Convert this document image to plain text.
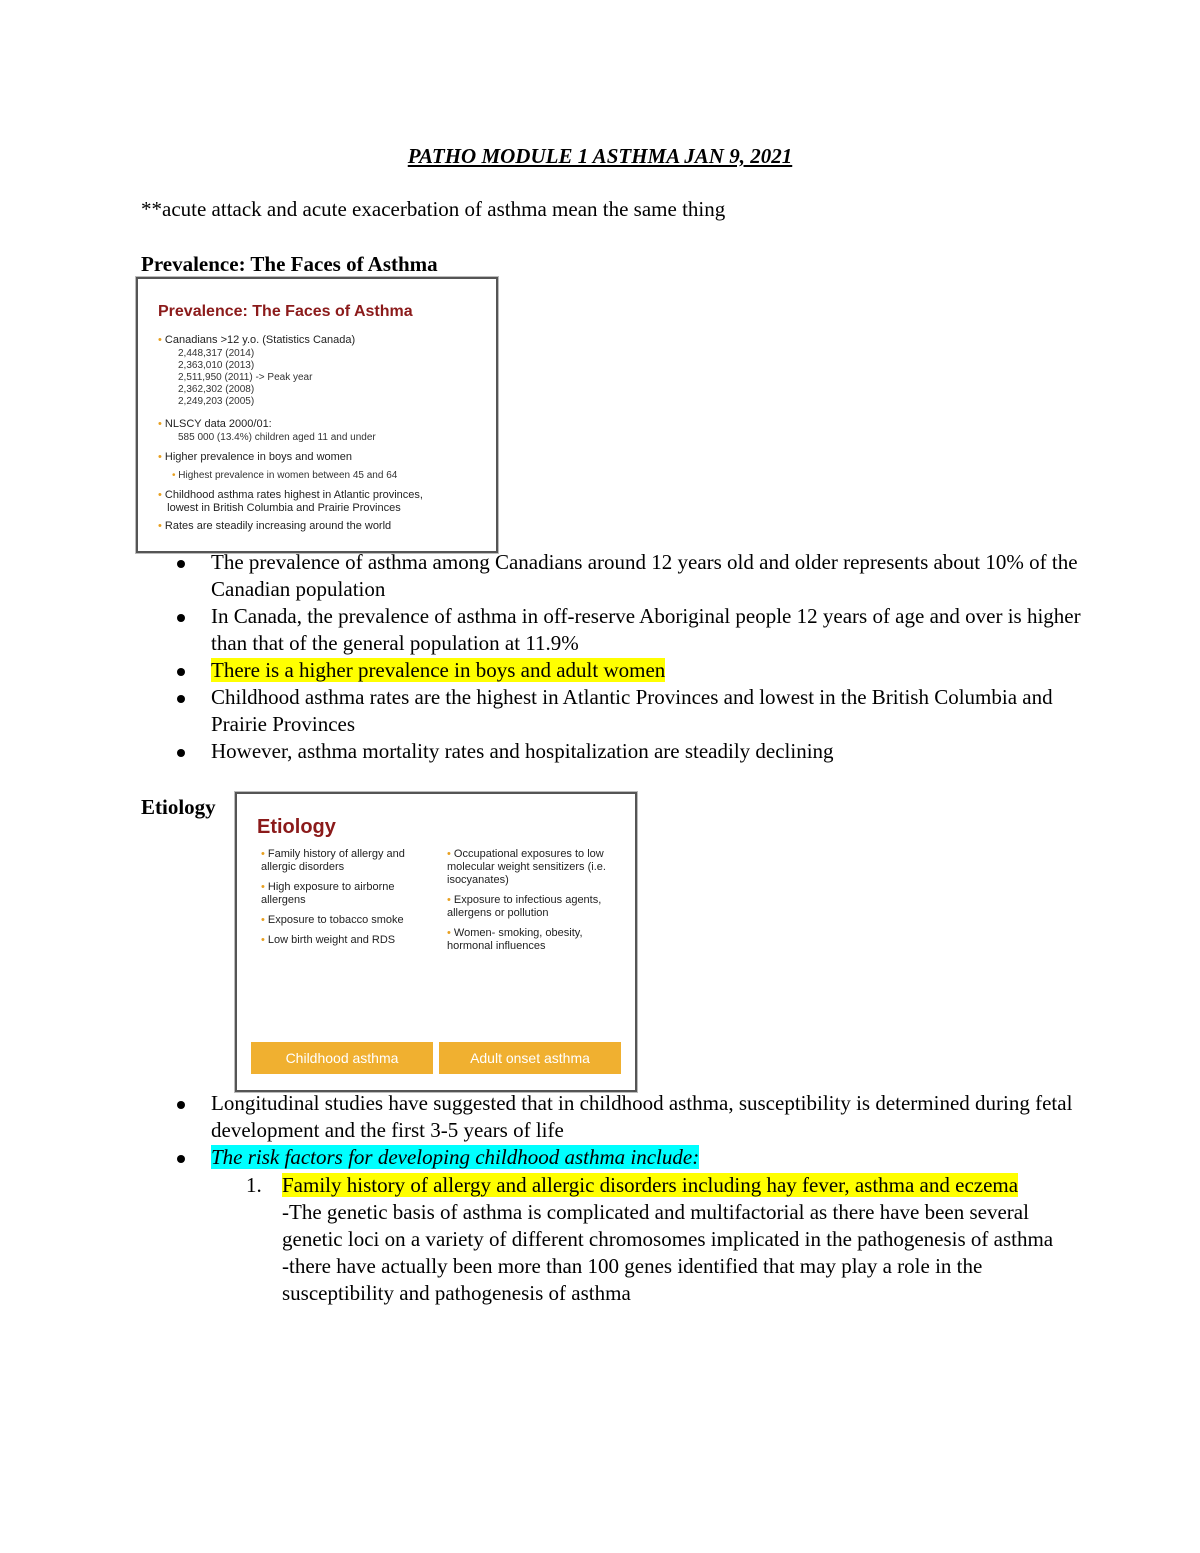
PATHO MODULE 1 ASTHMA JAN 9, 2021
**acute attack and acute exacerbation of asthma mean the same thing
Prevalence: The Faces of Asthma
Prevalence: The Faces of Asthma
• Canadians >12 y.o. (Statistics Canada)
2,448,317 (2014)
2,363,010 (2013)
2,511,950 (2011) -> Peak year
2,362,302 (2008)
2,249,203 (2005)
• NLSCY data 2000/01:
585 000 (13.4%) children aged 11 and under
• Higher prevalence in boys and women
• Highest prevalence in women between 45 and 64
• Childhood asthma rates highest in Atlantic provinces,
lowest in British Columbia and Prairie Provinces
• Rates are steadily increasing around the world
The prevalence of asthma among Canadians around 12 years old and older represents about 10% of the Canadian population
In Canada, the prevalence of asthma in off-reserve Aboriginal people 12 years of age and over is higher than that of the general population at 11.9%
There is a higher prevalence in boys and adult women
Childhood asthma rates are the highest in Atlantic Provinces and lowest in the British Columbia and Prairie Provinces
However, asthma mortality rates and hospitalization are steadily declining
Etiology
Etiology
• Family history of allergy and allergic disorders
• High exposure to airborne allergens
• Exposure to tobacco smoke
• Low birth weight and RDS
• Occupational exposures to low molecular weight sensitizers (i.e. isocyanates)
• Exposure to infectious agents, allergens or pollution
• Women- smoking, obesity, hormonal influences
Childhood asthma	Adult onset asthma
Longitudinal studies have suggested that in childhood asthma, susceptibility is determined during fetal development and the first 3-5 years of life
The risk factors for developing childhood asthma include:
1. Family history of allergy and allergic disorders including hay fever, asthma and eczema
-The genetic basis of asthma is complicated and multifactorial as there have been several genetic loci on a variety of different chromosomes implicated in the pathogenesis of asthma
-there have actually been more than 100 genes identified that may play a role in the susceptibility and pathogenesis of asthma
